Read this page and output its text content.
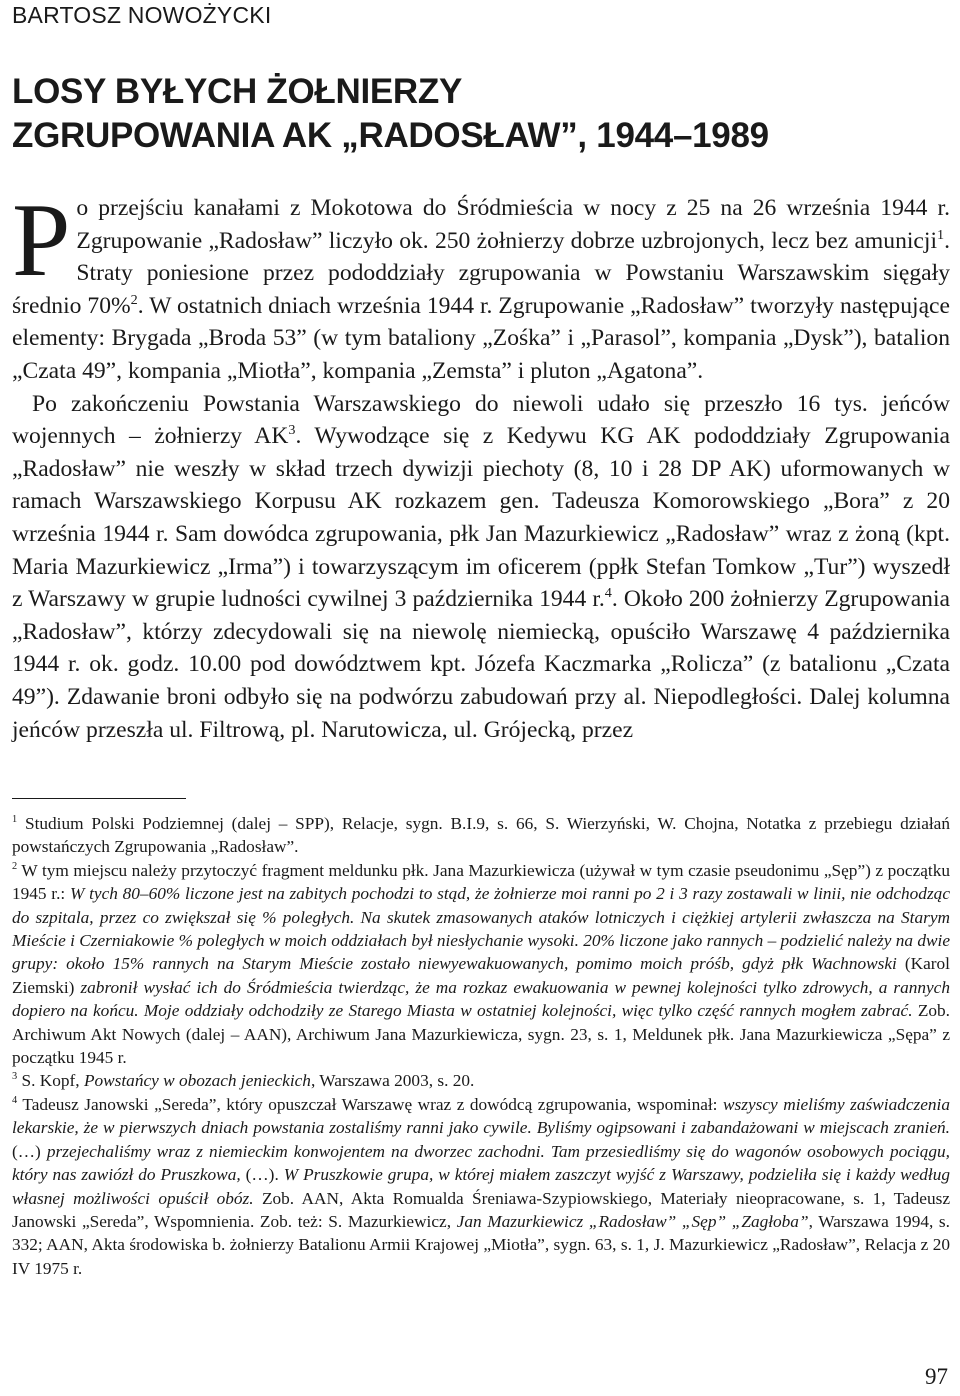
BARTOSZ NOWOŻYCKI
LOSY BYŁYCH ŻOŁNIERZY
ZGRUPOWANIA AK „RADOSŁAW”, 1944–1989

Po przejściu kanałami z Mokotowa do Śródmieścia w nocy z 25 na 26 września 1944 r. Zgrupowanie „Radosław” liczyło ok. 250 żołnierzy dobrze uzbrojonych, lecz bez amunicji$^1$. Straty poniesione przez pododdziały zgrupowania w Powstaniu Warszawskim sięgały średnio 70%$^2$. W ostatnich dniach września 1944 r. Zgrupowanie „Radosław” tworzyły następujące elementy: Brygada „Broda 53” (w tym bataliony „Zośka” i „Parasol”, kompania „Dysk”), batalion „Czata 49”, kompania „Miotła”, kompania „Zemsta” i pluton „Agatona”.

Po zakończeniu Powstania Warszawskiego do niewoli udało się przeszło 16 tys. jeńców wojennych – żołnierzy $AK^3$. Wywodzące się z Kedywu KG AK pododdziały Zgrupowania „Radosław” nie weszły w skład trzech dywizji piechoty (8, 10 i 28 DP AK) uformowanych w ramach Warszawskiego Korpusu AK rozkazem gen. Tadeusza Komorowskiego „Bora” z 20 września 1944 r. Sam dowódca zgrupowania, płk Jan Mazurkiewicz „Radosław” wraz z żoną (kpt. Maria Mazurkiewicz „Irma”) i towarzyszącym im oficerem (ppłk Stefan Tomkow „Tur”) wyszedł z Warszawy w grupie ludności cywilnej 3 października 1944 r.$^4$. Około 200 żołnierzy Zgrupowania „Radosław”, którzy zdecydowali się na niewolę niemiecką, opuściło Warszawę 4 października 1944 r. ok. godz. 10.00 pod dowództwem kpt. Józefa Kaczmarka „Rolicza” (z batalionu „Czata 49”). Zdawanie broni odbyło się na podwórzu zabudowań przy al. Niepodległości. Dalej kolumna jeńców przeszła ul. Filtrową, pl. Narutowicza, ul. Grójecką, przez

$^1$ Studium Polski Podziemnej (dalej – SPP), Relacje, sygn. B.I.9, s. 66, S. Wierzyński, W. Chojna, Notatka z przebiegu działań powstańczych Zgrupowania „Radosław”.

$^2$ W tym miejscu należy przytoczyć fragment meldunku płk. Jana Mazurkiewicza (używał w tym czasie pseudonimu „Sęp”) z początku 1945 r.: W tych 80–60% liczone jest na zabitych pochodzi to stąd, że żołnierze moi ranni po 2 i 3 razy zostawali w linii, nie odchodząc do szpitala, przez co zwiększał się % poległych. Na skutek zmasowanych ataków lotniczych i ciężkiej artylerii zwłaszcza na Starym Mieście i Czerniakowie % poległych w moich oddziałach był niesłychanie wysoki. 20% liczone jako rannych – podzielić należy na dwie grupy: około 15% rannych na Starym Mieście zostało niewyewakuowanych, pomimo moich próśb, gdyż płk Wachnowski (Karol Ziemski) zabronił wysłać ich do Śródmieścia twierdząc, że ma rozkaz ewakuowania w pewnej kolejności tylko zdrowych, a rannych dopiero na końcu. Moje oddziały odchodziły ze Starego Miasta w ostatniej kolejności, więc tylko część rannych mogłem zabrać. Zob. Archiwum Akt Nowych (dalej – AAN), Archiwum Jana Mazurkiewicza, sygn. 23, s. 1, Meldunek płk. Jana Mazurkiewicza „Sępa” z początku 1945 r.

$^3$ S. Kopf, Powstańcy w obozach jenieckich, Warszawa 2003, s. 20.

$^4$ Tadeusz Janowski „Sereda”, który opuszczał Warszawę wraz z dowódcą zgrupowania, wspominał: wszyscy mieliśmy zaświadczenia lekarskie, że w pierwszych dniach powstania zostaliśmy ranni jako cywile. Byliśmy ogipsowani i zabandażowani w miejscach zranień. (…) przejechaliśmy wraz z niemieckim konwojentem na dworzec zachodni. Tam przesiedliśmy się do wagonów osobowych pociągu, który nas zawiózł do Pruszkowa, (…). W Pruszkowie grupa, w której miałem zaszczyt wyjść z Warszawy, podzieliła się i każdy według własnej możliwości opuścił obóz. Zob. AAN, Akta Romualda Śreniawa-Szypiowskiego, Materiały nieopracowane, s. 1, Tadeusz Janowski „Sereda”, Wspomnienia. Zob. też: S. Mazurkiewicz, Jan Mazurkiewicz „Radosław” „Sęp” „Zagłoba”, Warszawa 1994, s. 332; AAN, Akta środowiska b. żołnierzy Batalionu Armii Krajowej „Miotła”, sygn. 63, s. 1, J. Mazurkiewicz „Radosław”, Relacja z 20 IV 1975 r.

97
